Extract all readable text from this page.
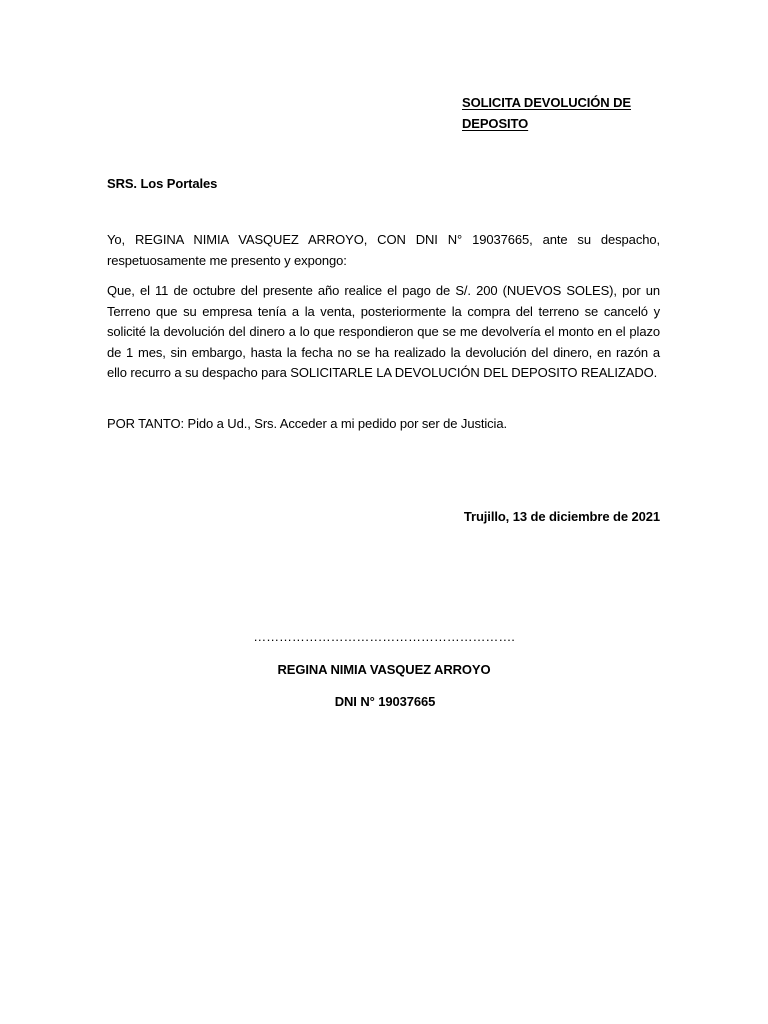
SOLICITA DEVOLUCIÓN DE
DEPOSITO
SRS. Los Portales

Yo, REGINA NIMIA VASQUEZ ARROYO, CON DNI N° 19037665, ante su despacho, respetuosamente me presento y expongo:

Que, el 11 de octubre del presente año realice el pago de S/. 200 (NUEVOS SOLES), por un Terreno que su empresa tenía a la venta, posteriormente la compra del terreno se canceló y solicité la devolución del dinero a lo que respondieron que se me devolvería el monto en el plazo de 1 mes, sin embargo, hasta la fecha no se ha realizado la devolución del dinero, en razón a ello recurro a su despacho para SOLICITARLE LA DEVOLUCIÓN DEL DEPOSITO REALIZADO.

POR TANTO: Pido a Ud., Srs. Acceder a mi pedido por ser de Justicia.

Trujillo, 13 de diciembre de 2021
…………………………………………………….
REGINA NIMIA VASQUEZ ARROYO
DNI N° 19037665
